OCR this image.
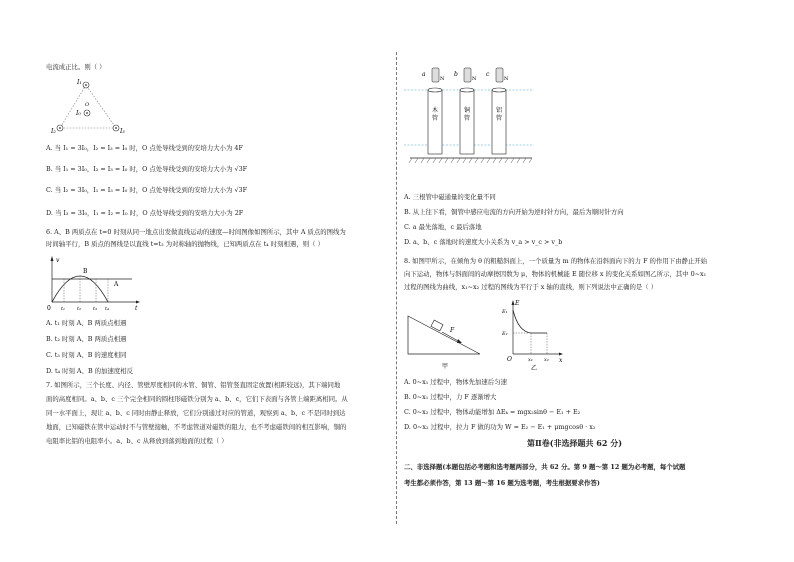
电流成正比。则（ ）
I₁
I₂	I₃
O
I₀
A. 当 I₁ = 3I₀，I₂ = I₃ = I₀ 时，O 点处导线受到的安培力大小为 4F
B. 当 I₁ = 3I₀，I₂ = I₃ = I₀ 时，O 点处导线受到的安培力大小为 √3F
C. 当 I₂ = 3I₀，I₁ = I₃ = I₀ 时，O 点处导线受到的安培力大小为 √3F
D. 当 I₃ = 3I₀，I₁ = I₂ = I₀ 时，O 点处导线受到的安培力大小为 2F
6. A、B 两质点在 t=0 时刻从同一地点出发做直线运动的速度—时间图像如图所示，其中 A 质点的图线为
时间轴平行，B 质点的图线是以直线 t=t₂ 为对称轴的抛物线，已知两质点在 t₄ 时刻相遇，则（ ）
v
t
0
B
A
t₁ t₂ t₃ t₄
A. t₁ 时刻 A、B 两质点相遇
B. t₂ 时刻 A、B 两质点相遇
C. t₃ 时刻 A、B 的速度相同
D. t₄ 时刻 A、B 的加速度相反
7. 如图所示，三个长度、内径、管壁厚度相同的木管、铜管、铝管竖直固定放置(相距较远)，其下端同地
面的高度相同。a、b、c 三个完全相同的圆柱形磁铁分别为 a、b、c，它们下表面与各管上端距离相同。从
同一水平面上，现让 a、b、c 同时由静止释放，它们分别通过对应的管道，观察到 a、b、c 不是同时到达
地面，已知磁铁在管中运动时不与管壁接触，不考虑管道对磁铁的阻力，也不考虑磁铁间的相互影响，铜的
电阻率比铝的电阻率小。a、b、c 从释放到落到地面的过程（ ）
a	b	c
N	N	N
木
管
铜
管
铝
管
A. 三根管中磁通量的变化量不同
B. 从上往下看，铜管中感应电流的方向开始为逆时针方向，最后为顺时针方向
C. a 最先落地，c 最后落地
D. a、b、c 落地时的速度大小关系为 v_a > v_c > v_b
8. 如图甲所示，在倾角为 θ 的粗糙斜面上，一个质量为 m 的物体在沿斜面向下的力 F 的作用下由静止开始
向下运动，物体与斜面间的动摩擦因数为 μ，物体的机械能 E 随位移 x 的变化关系如图乙所示，其中 0~x₁
过程的图线为曲线，x₁~x₂ 过程的图线为平行于 x 轴的直线，则下列说法中正确的是（ ）
F
甲
E
x
O
E₁
E₂
x₁ x₂
乙
A. 0~x₁ 过程中，物体先加速后匀速
B. 0~x₁ 过程中，力 F 逐渐增大
C. 0~x₂ 过程中，物体动能增加 ΔEₖ = mgx₂sinθ − E₁ + E₂
D. 0~x₂ 过程中，拉力 F 做的功为 W = E₂ − E₁ + μmgcosθ · x₂
第Ⅱ卷(非选择题共 62 分)
二、非选择题(本题包括必考题和选考题两部分，共 62 分。第 9 题～第 12 题为必考题，每个试题
考生都必须作答，第 13 题～第 16 题为选考题，考生根据要求作答)
